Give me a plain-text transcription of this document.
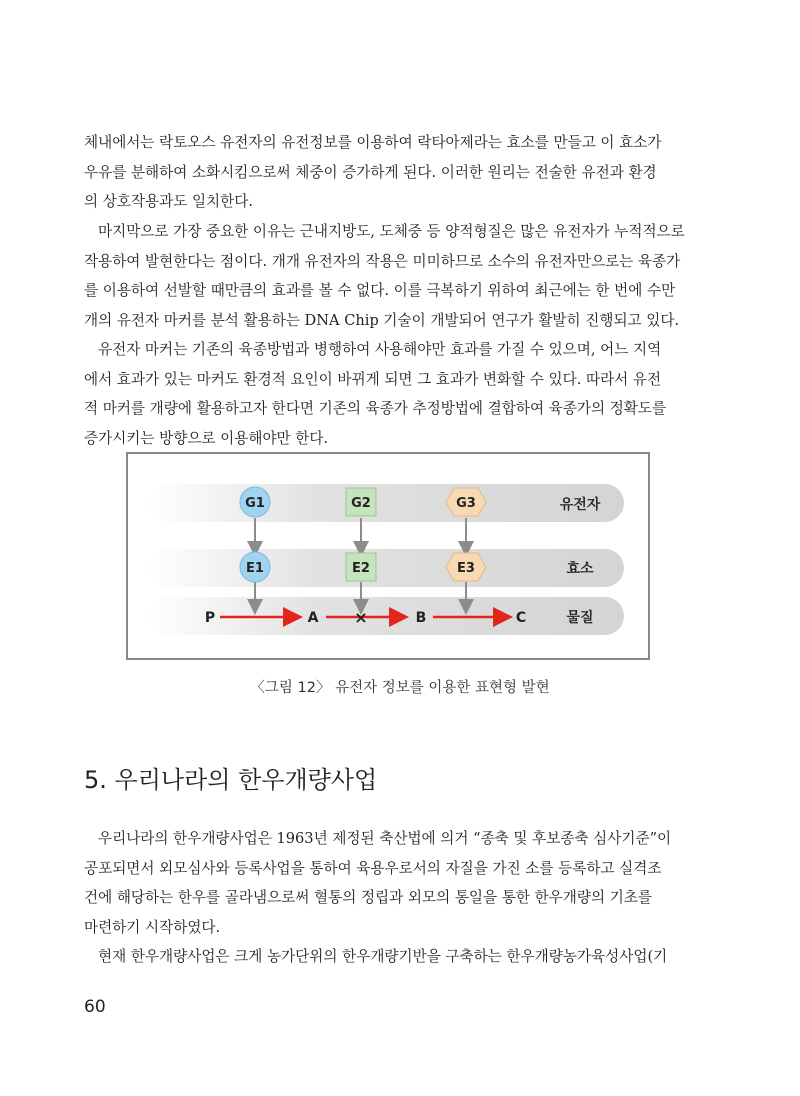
체내에서는 락토오스 유전자의 유전정보를 이용하여 락타아제라는 효소를 만들고 이 효소가
우유를 분해하여 소화시킴으로써 체중이 증가하게 된다. 이러한 원리는 전술한 유전과 환경
의 상호작용과도 일치한다.

마지막으로 가장 중요한 이유는 근내지방도, 도체중 등 양적형질은 많은 유전자가 누적적으로
작용하여 발현한다는 점이다. 개개 유전자의 작용은 미미하므로 소수의 유전자만으로는 육종가
를 이용하여 선발할 때만큼의 효과를 볼 수 없다. 이를 극복하기 위하여 최근에는 한 번에 수만
개의 유전자 마커를 분석 활용하는 DNA Chip 기술이 개발되어 연구가 활발히 진행되고 있다.

유전자 마커는 기존의 육종방법과 병행하여 사용해야만 효과를 가질 수 있으며, 어느 지역
에서 효과가 있는 마커도 환경적 요인이 바뀌게 되면 그 효과가 변화할 수 있다. 따라서 유전
적 마커를 개량에 활용하고자 한다면 기존의 육종가 추정방법에 결합하여 육종가의 정확도를
증가시키는 방향으로 이용해야만 한다.

유전자
효소
물질
G1	G2	G3
E1	E2	E3
P	A ×	B	C
〈그림 12〉 유전자 정보를 이용한 표현형 발현
5. 우리나라의 한우개량사업

우리나라의 한우개량사업은 1963년 제정된 축산법에 의거 “종축 및 후보종축 심사기준”이
공포되면서 외모심사와 등록사업을 통하여 육용우로서의 자질을 가진 소를 등록하고 실격조
건에 해당하는 한우를 골라냄으로써 혈통의 정립과 외모의 통일을 통한 한우개량의 기초를
마련하기 시작하였다.

현재 한우개량사업은 크게 농가단위의 한우개량기반을 구축하는 한우개량농가육성사업(기

60
